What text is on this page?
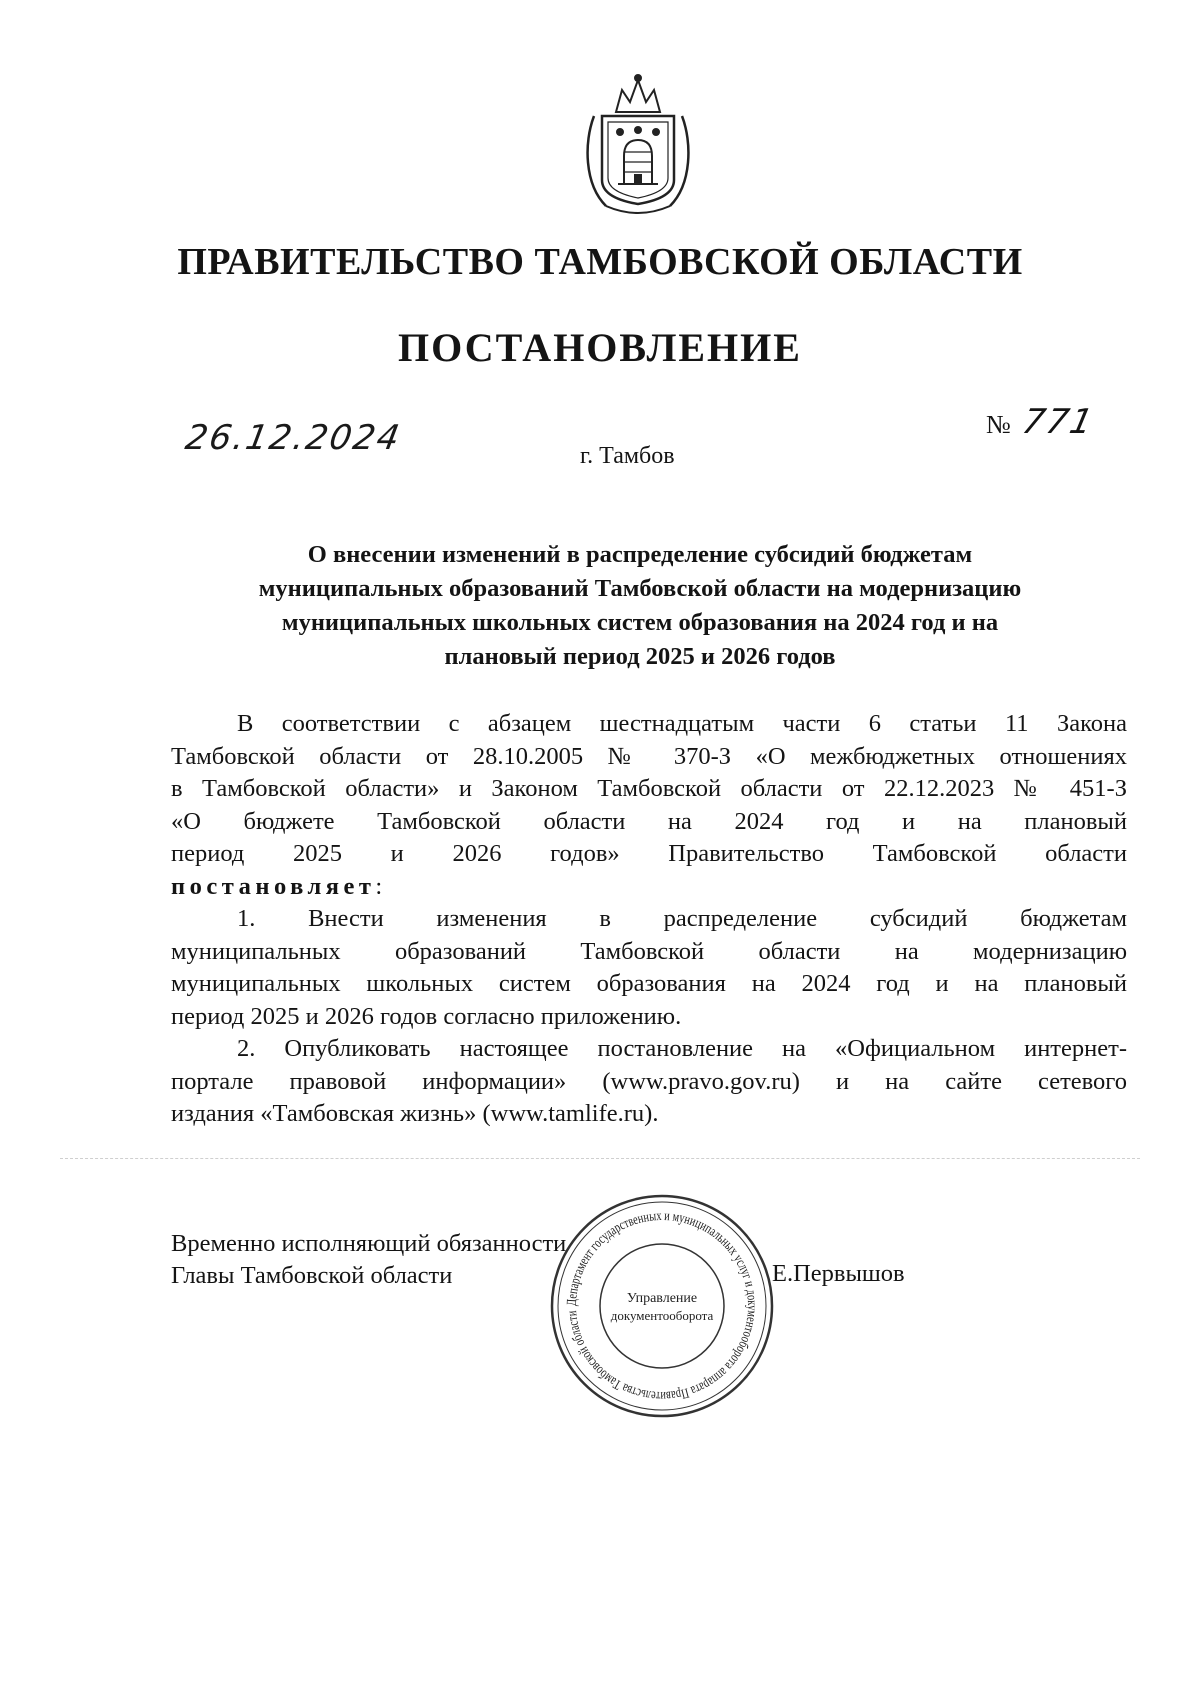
ПРАВИТЕЛЬСТВО ТАМБОВСКОЙ ОБЛАСТИ
ПОСТАНОВЛЕНИЕ
26.12.2024	г. Тамбов
№ 771
О внесении изменений в распределение субсидий бюджетам
муниципальных образований Тамбовской области на модернизацию
муниципальных школьных систем образования на 2024 год и на
плановый период 2025 и 2026 годов
В соответствии с абзацем шестнадцатым части 6 статьи 11 Закона
Тамбовской области от 28.10.2005 № 370-З «О межбюджетных отношениях
в Тамбовской области» и Законом Тамбовской области от 22.12.2023 № 451-З
«О бюджете Тамбовской области на 2024 год и на плановый
период 2025 и 2026 годов» Правительство Тамбовской области
постановляет:
1. Внести изменения в распределение субсидий бюджетам
муниципальных образований Тамбовской области на модернизацию
муниципальных школьных систем образования на 2024 год и на плановый
период 2025 и 2026 годов согласно приложению.
2. Опубликовать настоящее постановление на «Официальном интернет-
портале правовой информации» (www.pravo.gov.ru) и на сайте сетевого
издания «Тамбовская жизнь» (www.tamlife.ru).
Временно исполняющий обязанности
Главы Тамбовской области	Е.Первышов
Департамент государственных и муниципальных услуг и документооборота аппарата Правительства Тамбовской области
Управление
документооборота
